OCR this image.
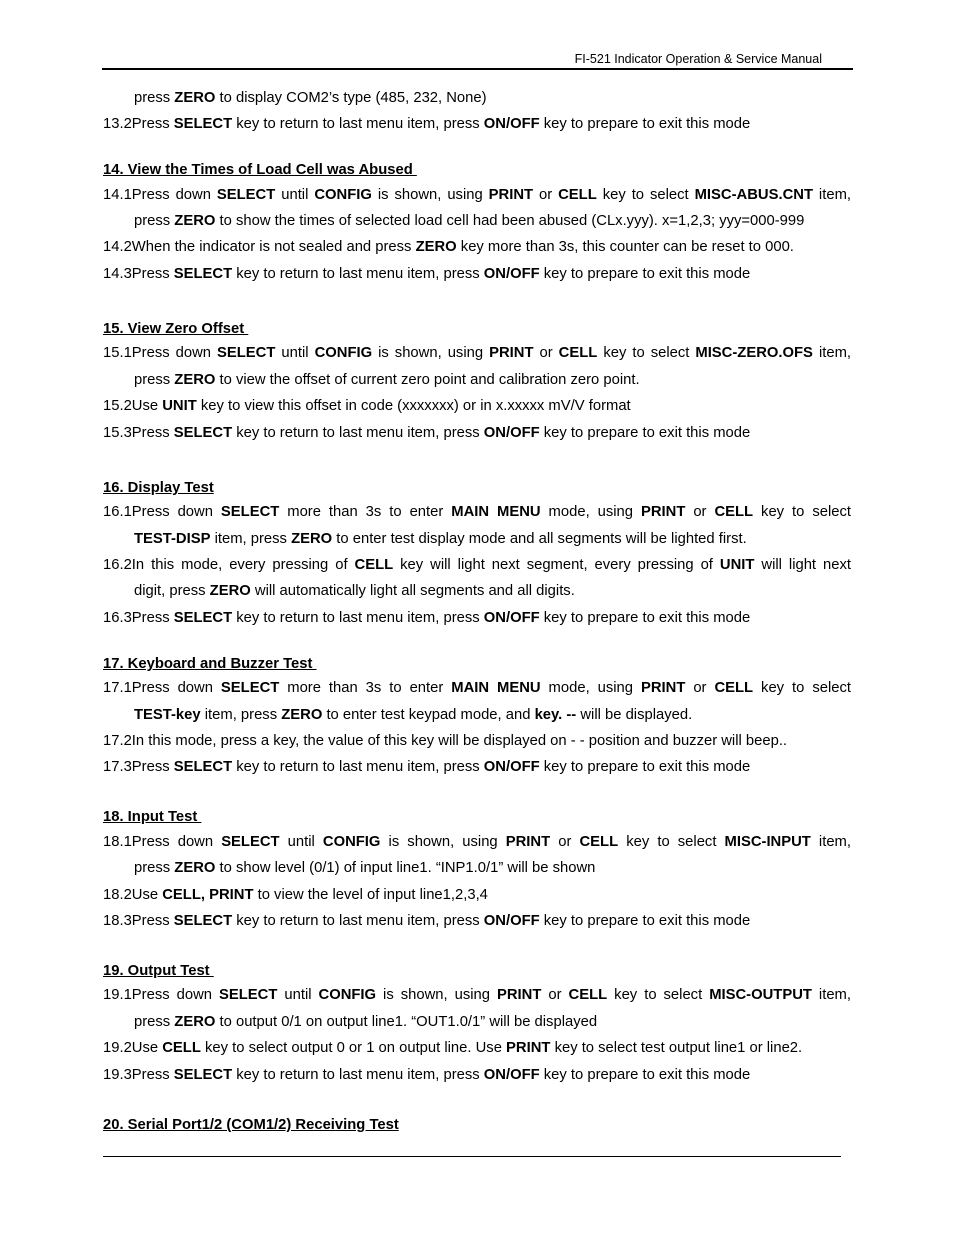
FI-521 Indicator Operation & Service Manual
press ZERO to display COM2’s type (485, 232, None)
13.2Press SELECT key to return to last menu item, press ON/OFF key to prepare to exit this mode
14. View the Times of Load Cell was Abused
14.1Press down SELECT until CONFIG is shown, using PRINT or CELL key to select MISC-ABUS.CNT item,
press ZERO to show the times of selected load cell had been abused (CLx.yyy). x=1,2,3; yyy=000-999
14.2When the indicator is not sealed and press ZERO key more than 3s, this counter can be reset to 000.
14.3Press SELECT key to return to last menu item, press ON/OFF key to prepare to exit this mode
15. View Zero Offset
15.1Press down SELECT until CONFIG is shown, using PRINT or CELL key to select MISC-ZERO.OFS item,
press ZERO to view the offset of current zero point and calibration zero point.
15.2Use UNIT key to view this offset in code (xxxxxxx) or in x.xxxxx mV/V format
15.3Press SELECT key to return to last menu item, press ON/OFF key to prepare to exit this mode
16. Display Test
16.1Press down SELECT more than 3s to enter MAIN MENU mode, using PRINT or CELL key to select
TEST-DISP item, press ZERO to enter test display mode and all segments will be lighted first.
16.2In this mode, every pressing of CELL key will light next segment, every pressing of UNIT will light next
digit, press ZERO will automatically light all segments and all digits.
16.3Press SELECT key to return to last menu item, press ON/OFF key to prepare to exit this mode
17. Keyboard and Buzzer Test
17.1Press down SELECT more than 3s to enter MAIN MENU mode, using PRINT or CELL key to select
TEST-key item, press ZERO to enter test keypad mode, and key. -- will be displayed.
17.2In this mode, press a key, the value of this key will be displayed on - - position and buzzer will beep..
17.3Press SELECT key to return to last menu item, press ON/OFF key to prepare to exit this mode
18. Input Test
18.1Press down SELECT until CONFIG is shown, using PRINT or CELL key to select MISC-INPUT item,
press ZERO to show level (0/1) of input line1. “INP1.0/1” will be shown
18.2Use CELL, PRINT to view the level of input line1,2,3,4
18.3Press SELECT key to return to last menu item, press ON/OFF key to prepare to exit this mode
19. Output Test
19.1Press down SELECT until CONFIG is shown, using PRINT or CELL key to select MISC-OUTPUT item,
press ZERO to output 0/1 on output line1. “OUT1.0/1” will be displayed
19.2Use CELL key to select output 0 or 1 on output line. Use PRINT key to select test output line1 or line2.
19.3Press SELECT key to return to last menu item, press ON/OFF key to prepare to exit this mode
20. Serial Port1/2 (COM1/2) Receiving Test
